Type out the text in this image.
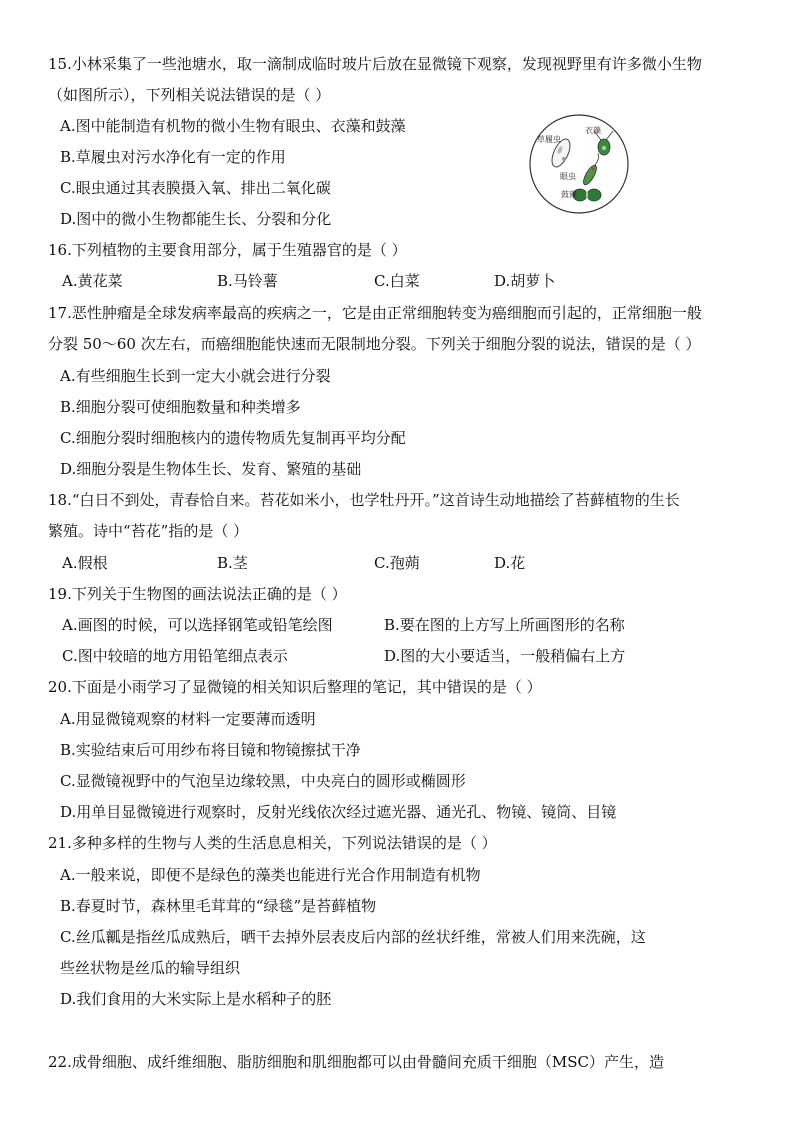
15.小林采集了一些池塘水，取一滴制成临时玻片后放在显微镜下观察，发现视野里有许多微小生物
（如图所示），下列相关说法错误的是（ ）
A.图中能制造有机物的微小生物有眼虫、衣藻和鼓藻
B.草履虫对污水净化有一定的作用
C.眼虫通过其表膜摄入氧、排出二氧化碳
D.图中的微小生物都能生长、分裂和分化
草履虫
衣藻
眼虫
鼓藻
16.下列植物的主要食用部分，属于生殖器官的是（ ）
A.黄花菜	B.马铃薯	C.白菜	D.胡萝卜
17.恶性肿瘤是全球发病率最高的疾病之一，它是由正常细胞转变为癌细胞而引起的，正常细胞一般
分裂 50～60 次左右，而癌细胞能快速而无限制地分裂。下列关于细胞分裂的说法，错误的是（ ）
A.有些细胞生长到一定大小就会进行分裂
B.细胞分裂可使细胞数量和种类增多
C.细胞分裂时细胞核内的遗传物质先复制再平均分配
D.细胞分裂是生物体生长、发育、繁殖的基础
18.“白日不到处，青春恰自来。苔花如米小，也学牡丹开。”这首诗生动地描绘了苔藓植物的生长
繁殖。诗中“苔花”指的是（ ）
A.假根	B.茎	C.孢蒴	D.花
19.下列关于生物图的画法说法正确的是（ ）
A.画图的时候，可以选择钢笔或铅笔绘图	B.要在图的上方写上所画图形的名称
C.图中较暗的地方用铅笔细点表示	D.图的大小要适当，一般稍偏右上方
20.下面是小雨学习了显微镜的相关知识后整理的笔记，其中错误的是（ ）
A.用显微镜观察的材料一定要薄而透明
B.实验结束后可用纱布将目镜和物镜擦拭干净
C.显微镜视野中的气泡呈边缘较黑，中央亮白的圆形或椭圆形
D.用单目显微镜进行观察时，反射光线依次经过遮光器、通光孔、物镜、镜筒、目镜
21.多种多样的生物与人类的生活息息相关，下列说法错误的是（ ）
A.一般来说，即便不是绿色的藻类也能进行光合作用制造有机物
B.春夏时节，森林里毛茸茸的“绿毯”是苔藓植物
C.丝瓜瓤是指丝瓜成熟后，晒干去掉外层表皮后内部的丝状纤维，常被人们用来洗碗，这
些丝状物是丝瓜的输导组织
D.我们食用的大米实际上是水稻种子的胚
22.成骨细胞、成纤维细胞、脂肪细胞和肌细胞都可以由骨髓间充质干细胞（MSC）产生，造
